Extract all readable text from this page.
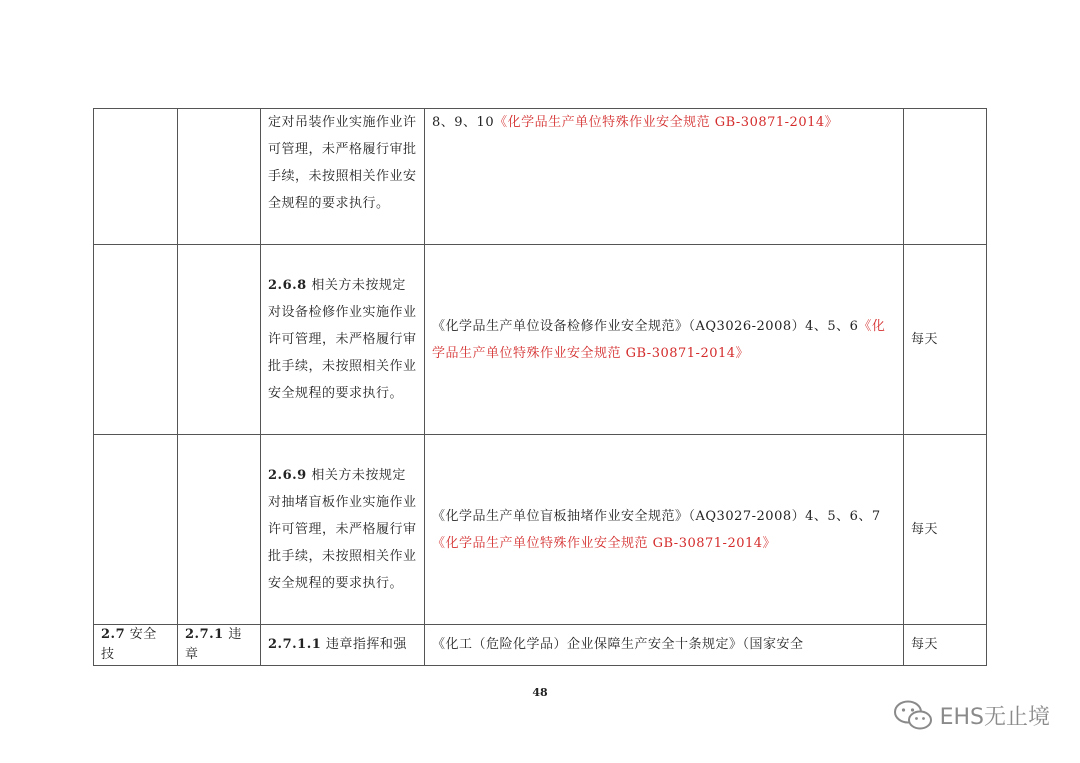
		定对吊装作业实施作业许可管理，未严格履行审批手续，未按照相关作业安全规程的要求执行。	8、9、10《化学品生产单位特殊作业安全规范 GB-30871-2014》	
		2.6.8 相关方未按规定对设备检修作业实施作业许可管理，未严格履行审批手续，未按照相关作业安全规程的要求执行。	《化学品生产单位设备检修作业安全规范》（AQ3026-2008）4、5、6《化学品生产单位特殊作业安全规范 GB-30871-2014》	每天
		2.6.9 相关方未按规定对抽堵盲板作业实施作业许可管理，未严格履行审批手续，未按照相关作业安全规程的要求执行。	《化学品生产单位盲板抽堵作业安全规范》（AQ3027-2008）4、5、6、7《化学品生产单位特殊作业安全规范 GB-30871-2014》	每天
2.7 安全技	2.7.1 违章	2.7.1.1 违章指挥和强	《化工（危险化学品）企业保障生产安全十条规定》（国家安全	每天
48
EHS无止境
